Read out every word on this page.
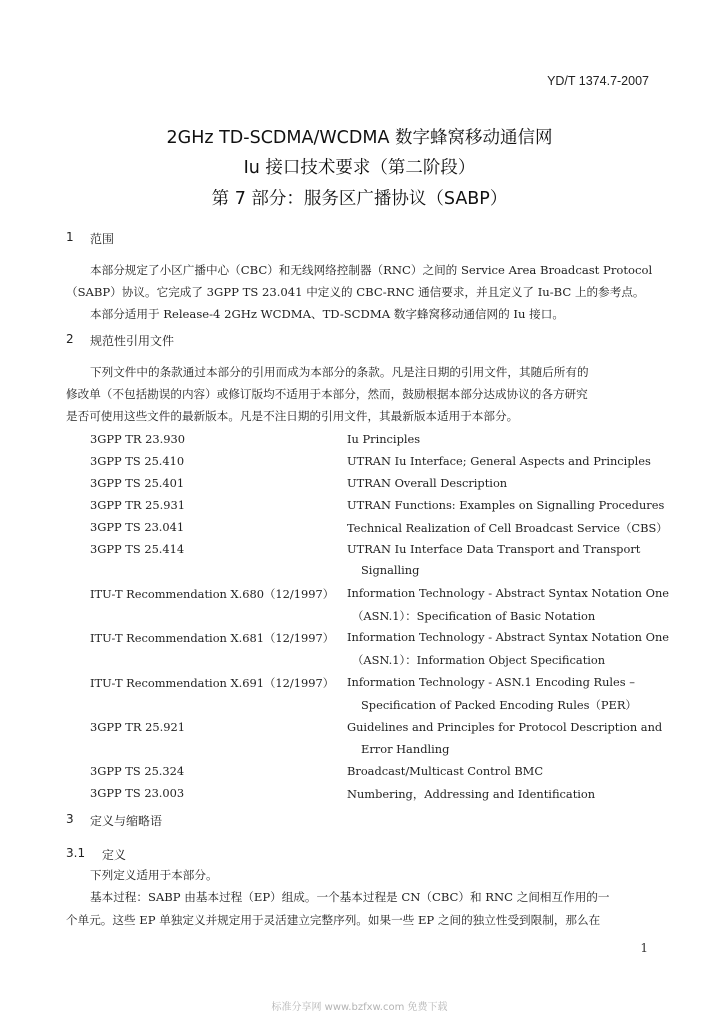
YD/T 1374.7-2007
2GHz TD-SCDMA/WCDMA 数字蜂窝移动通信网
Iu 接口技术要求（第二阶段）
第 7 部分：服务区广播协议（SABP）
1 范围
本部分规定了小区广播中心（CBC）和无线网络控制器（RNC）之间的 Service Area Broadcast Protocol
（SABP）协议。它完成了 3GPP TS 23.041 中定义的 CBC-RNC 通信要求，并且定义了 Iu-BC 上的参考点。
本部分适用于 Release-4 2GHz WCDMA、TD-SCDMA 数字蜂窝移动通信网的 Iu 接口。
2 规范性引用文件
下列文件中的条款通过本部分的引用而成为本部分的条款。凡是注日期的引用文件，其随后所有的
修改单（不包括勘误的内容）或修订版均不适用于本部分，然而，鼓励根据本部分达成协议的各方研究
是否可使用这些文件的最新版本。凡是不注日期的引用文件，其最新版本适用于本部分。
3GPP TR 23.930	Iu Principles
3GPP TS 25.410	UTRAN Iu Interface; General Aspects and Principles
3GPP TS 25.401	UTRAN Overall Description
3GPP TR 25.931	UTRAN Functions: Examples on Signalling Procedures
3GPP TS 23.041	Technical Realization of Cell Broadcast Service（CBS）
3GPP TS 25.414	UTRAN Iu Interface Data Transport and Transport
Signalling
ITU-T Recommendation X.680（12/1997） Information Technology - Abstract Syntax Notation One
（ASN.1）：Specification of Basic Notation
ITU-T Recommendation X.681（12/1997） Information Technology - Abstract Syntax Notation One
（ASN.1）：Information Object Specification
ITU-T Recommendation X.691（12/1997） Information Technology - ASN.1 Encoding Rules –
Specification of Packed Encoding Rules（PER）
3GPP TR 25.921	Guidelines and Principles for Protocol Description and
Error Handling
3GPP TS 25.324	Broadcast/Multicast Control BMC
3GPP TS 23.003	Numbering，Addressing and Identification
3 定义与缩略语
3.1 定义
下列定义适用于本部分。
基本过程：SABP 由基本过程（EP）组成。一个基本过程是 CN（CBC）和 RNC 之间相互作用的一
个单元。这些 EP 单独定义并规定用于灵活建立完整序列。如果一些 EP 之间的独立性受到限制，那么在
1
标准分享网 www.bzfxw.com 免费下载
